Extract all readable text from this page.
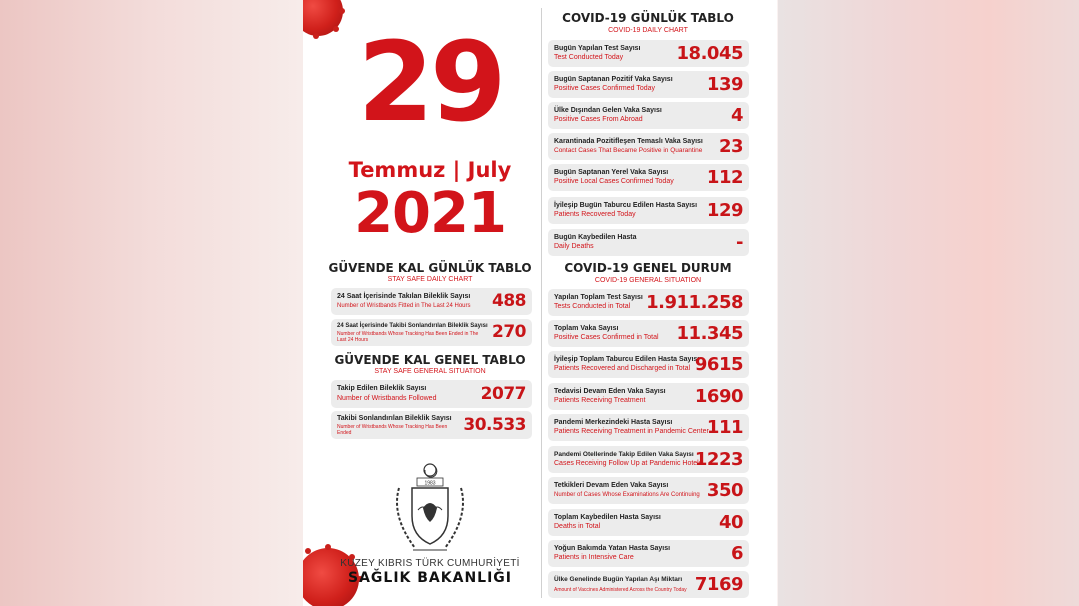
29
Temmuz | July
2021
GÜVENDE KAL GÜNLÜK TABLO
STAY SAFE DAILY CHART
24 Saat İçerisinde Takılan Bileklik Sayısı
Number of Wristbands Fitted in The Last 24 Hours 488
24 Saat İçerisinde Takibi Sonlandırılan Bileklik Sayısı
Number of Wristbands Whose Tracking Has Been Ended in The
Last 24 Hours	270
GÜVENDE KAL GENEL TABLO
STAY SAFE GENERAL SITUATION
Takip Edilen Bileklik Sayısı
Number of Wristbands Followed	2077
Takibi Sonlandırılan Bileklik Sayısı
Number of Wristbands Whose Tracking Has Been
Ended	30.533
1983
KUZEY KIBRIS TÜRK CUMHURİYETİ
SAĞLIK BAKANLIĞI
COVID-19 GÜNLÜK TABLO
COVID-19 DAILY CHART
Bugün Yapılan Test Sayısı
Test Conducted Today	18.045
Bugün Saptanan Pozitif Vaka Sayısı
Positive Cases Confirmed Today	139
Ülke Dışından Gelen Vaka Sayısı
Positive Cases From Abroad	4
Karantinada Pozitifleşen Temaslı Vaka Sayısı
Contact Cases That Became Positive in Quarantine 23
Bugün Saptanan Yerel Vaka Sayısı
Positive Local Cases Confirmed Today 112
İyileşip Bugün Taburcu Edilen Hasta Sayısı
Patients Recovered Today	129
Bugün Kaybedilen Hasta
Daily Deaths	-
COVID-19 GENEL DURUM
COVID-19 GENERAL SITUATION
Yapılan Toplam Test Sayısı
Tests Conducted in Total 1.911.258
Toplam Vaka Sayısı
Positive Cases Confirmed in Total 11.345
İyileşip Toplam Taburcu Edilen Hasta Sayısı
Patients Recovered and Discharged in Total 9615
Tedavisi Devam Eden Vaka Sayısı
Patients Receiving Treatment	1690
Pandemi Merkezindeki Hasta Sayısı
Patients Receiving Treatment in Pandemic Center
111
Pandemi Otellerinde Takip Edilen Vaka Sayısı
Cases Receiving Follow Up at Pandemic Hotels
1223
Tetkikleri Devam Eden Vaka Sayısı
Number of Cases Whose Examinations Are Continuing 350
Toplam Kaybedilen Hasta Sayısı
Deaths in Total	40
Yoğun Bakımda Yatan Hasta Sayısı
Patients in Intensive Care	6
Ülke Genelinde Bugün Yapılan Aşı Miktarı
Amount of Vaccines Administered Across the Country Today 7169
